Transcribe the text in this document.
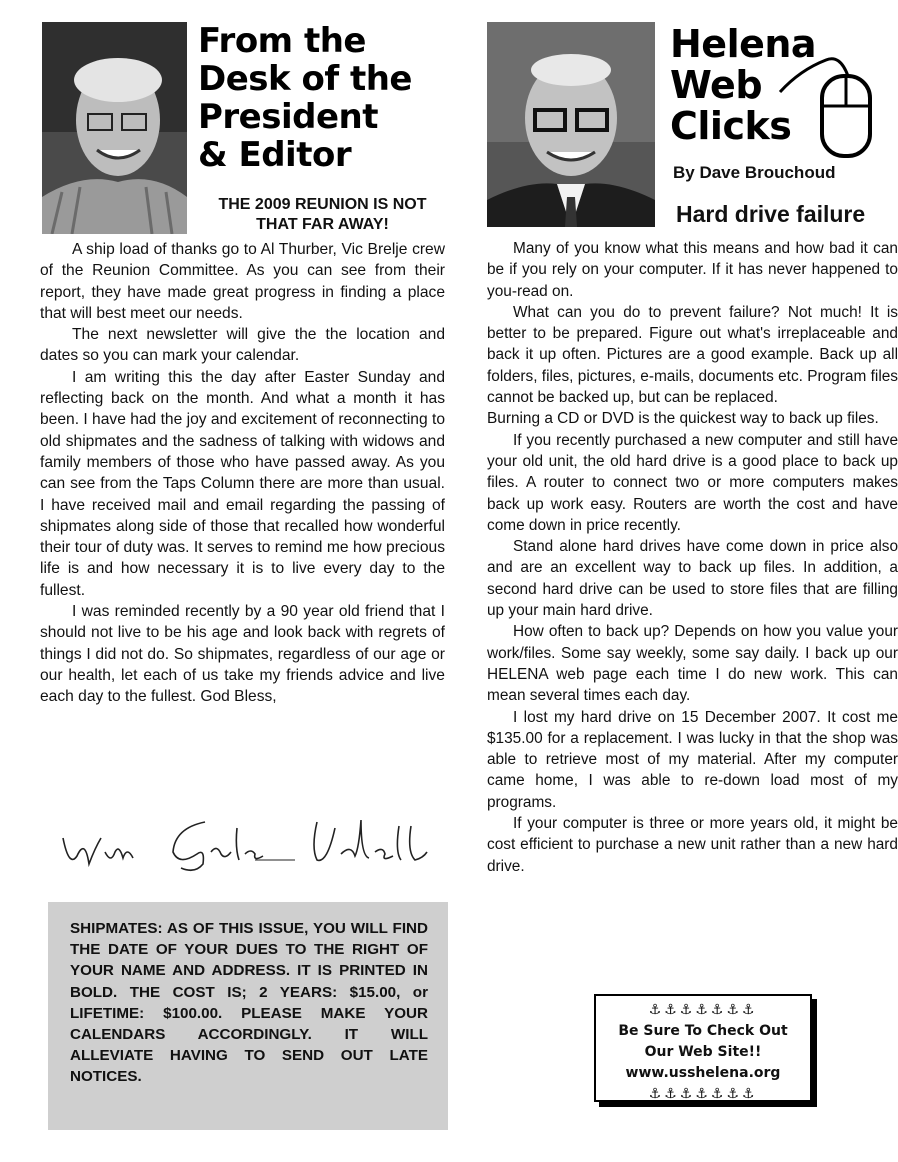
From the
Desk of the
President
& Editor
THE 2009 REUNION IS NOT
THAT FAR AWAY!

A ship load of thanks go to Al Thurber, Vic Brelje crew of the Reunion Committee. As you can see from their report, they have made great progress in finding a place that will best meet our needs.

The next newsletter will give the the location and dates so you can mark your calendar.

I am writing this the day after Easter Sunday and reflecting back on the month. And what a month it has been. I have had the joy and excitement of reconnecting to old shipmates and the sadness of talking with widows and family members of those who have passed away. As you can see from the Taps Column there are more than usual. I have received mail and email regarding the passing of shipmates along side of those that recalled how wonderful their tour of duty was. It serves to remind me how precious life is and how necessary it is to live every day to the fullest.

I was reminded recently by a 90 year old friend that I should not live to be his age and look back with regrets of things I did not do. So shipmates, regardless of our age or our health, let each of us take my friends advice and live each day to the fullest. God Bless,

SHIPMATES: AS OF THIS ISSUE, YOU WILL FIND THE DATE OF YOUR DUES TO THE RIGHT OF YOUR NAME AND ADDRESS. IT IS PRINTED IN BOLD. THE COST IS; 2 YEARS: $15.00, or LIFETIME: $100.00. PLEASE MAKE YOUR CALENDARS ACCORDINGLY. IT WILL ALLEVIATE HAVING TO SEND OUT LATE NOTICES.
Helena
Web
Clicks
By Dave Brouchoud
Hard drive failure

Many of you know what this means and how bad it can be if you rely on your computer. If it has never happened to you-read on.

What can you do to prevent failure? Not much! It is better to be prepared. Figure out what's irreplaceable and back it up often. Pictures are a good example. Back up all folders, files, pictures, e-mails, documents etc. Program files cannot be backed up, but can be replaced.

Burning a CD or DVD is the quickest way to back up files.

If you recently purchased a new computer and still have your old unit, the old hard drive is a good place to back up files. A router to connect two or more computers makes back up work easy. Routers are worth the cost and have come down in price recently.

Stand alone hard drives have come down in price also and are an excellent way to back up files. In addition, a second hard drive can be used to store files that are filling up your main hard drive.

How often to back up? Depends on how you value your work/files. Some say weekly, some say daily. I back up our HELENA web page each time I do new work. This can mean several times each day.

I lost my hard drive on 15 December 2007. It cost me $135.00 for a replacement. I was lucky in that the shop was able to retrieve most of my material. After my computer came home, I was able to re-down load most of my programs.

If your computer is three or more years old, it might be cost efficient to purchase a new unit rather than a new hard drive.

⚓⚓⚓⚓⚓⚓⚓
Be Sure To Check Out
Our Web Site!!
www.usshelena.org
⚓⚓⚓⚓⚓⚓⚓
